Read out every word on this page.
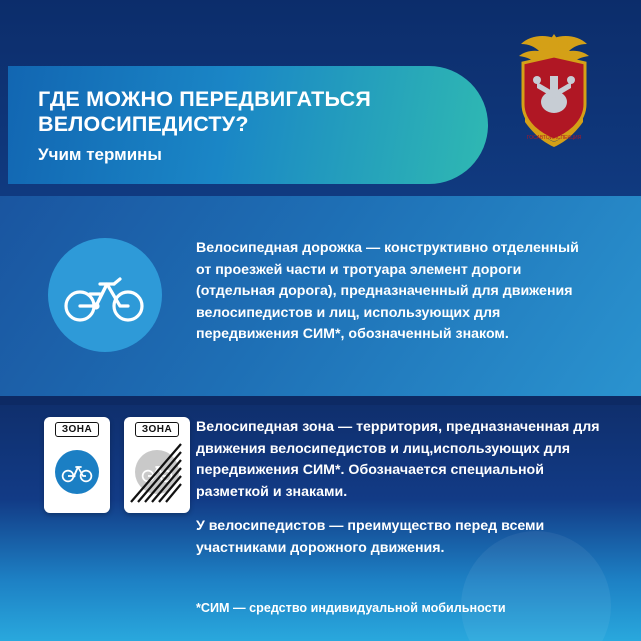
ГДЕ МОЖНО ПЕРЕДВИГАТЬСЯ ВЕЛОСИПЕДИСТУ?
Учим термины
ГОСАВТОИНСПЕКЦИЯ
Велосипедная дорожка — конструктивно отделенный от проезжей части и тротуара элемент дороги (отдельная дорога), предназначенный для движения велосипедистов и лиц, использующих для передвижения СИМ*, обозначенный знаком.
ЗОНА	ЗОНА	Велосипедная зона — территория, предназначенная для движения велосипедистов и лиц,использующих для передвижения СИМ*. Обозначается специальной разметкой и знаками.

У велосипедистов — преимущество перед всеми участниками дорожного движения.

*СИМ — средство индивидуальной мобильности
